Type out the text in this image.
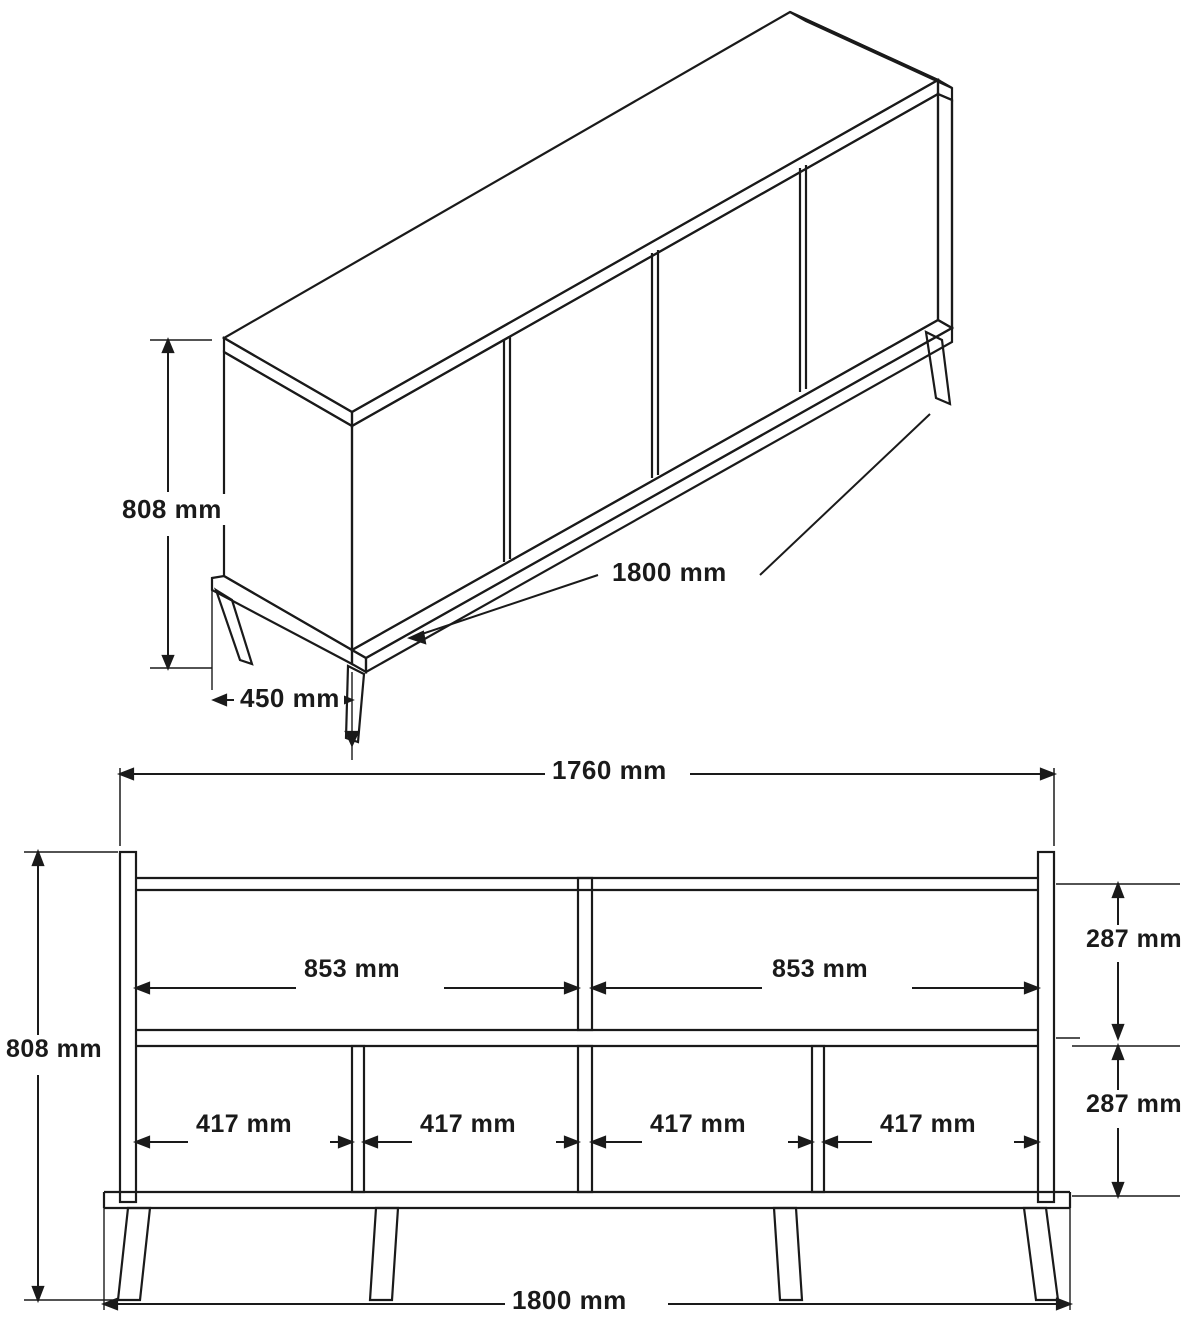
808 mm
1800 mm
450 mm
1760 mm
853 mm	853 mm
287 mm
287 mm
808 mm
417 mm	417 mm	417 mm	417 mm
1800 mm
